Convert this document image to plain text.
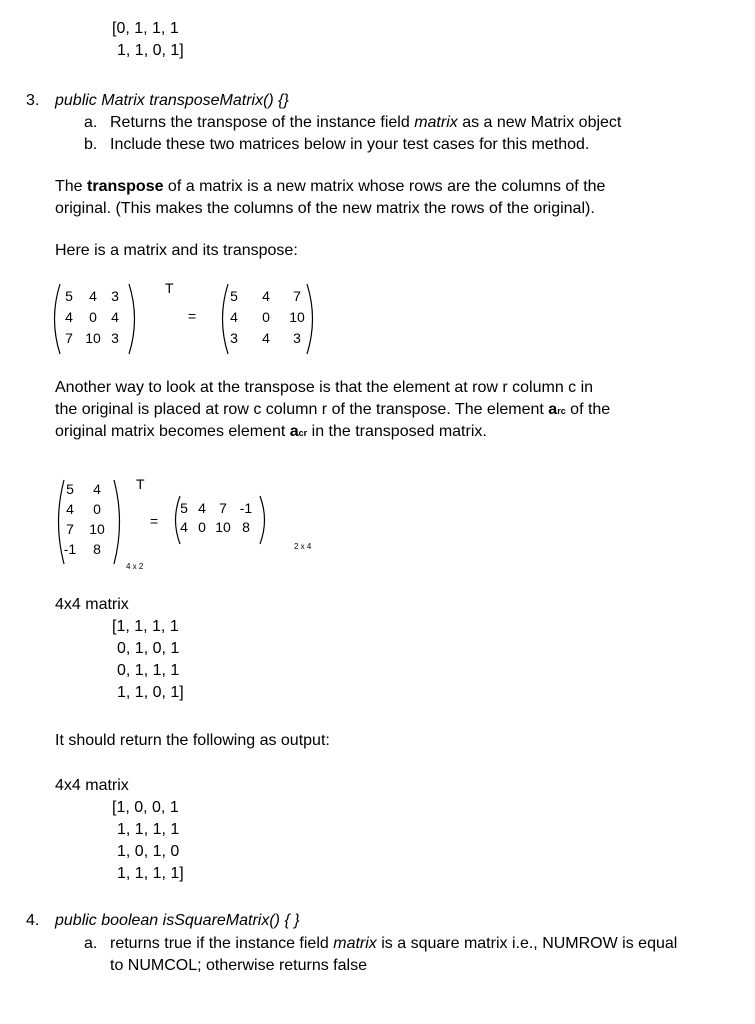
[0, 1, 1, 1
1, 1, 0, 1]
3. public Matrix transposeMatrix() {}
a. Returns the transpose of the instance field matrix as a new Matrix object
b. Include these two matrices below in your test cases for this method.
The transpose of a matrix is a new matrix whose rows are the columns of the
original. (This makes the columns of the new matrix the rows of the original).
Here is a matrix and its transpose:
5	4	3
4	0	4
7 10 3
T
=
5	4	7
4	0	10
3	4	3
Another way to look at the transpose is that the element at row r column c in
the original is placed at row c column r of the transpose. The element arc of the
original matrix becomes element acr in the transposed matrix.
5	4
4	0
7	10
-1	8
T
4 x 2
=
5 4 7 -1
4 0 10 8
2 x 4
4x4 matrix
[1, 1, 1, 1
0, 1, 0, 1
0, 1, 1, 1
1, 1, 0, 1]
It should return the following as output:
4x4 matrix
[1, 0, 0, 1
1, 1, 1, 1
1, 0, 1, 0
1, 1, 1, 1]
4. public boolean isSquareMatrix() { }
a. returns true if the instance field matrix is a square matrix i.e., NUMROW is equal
to NUMCOL; otherwise returns false
